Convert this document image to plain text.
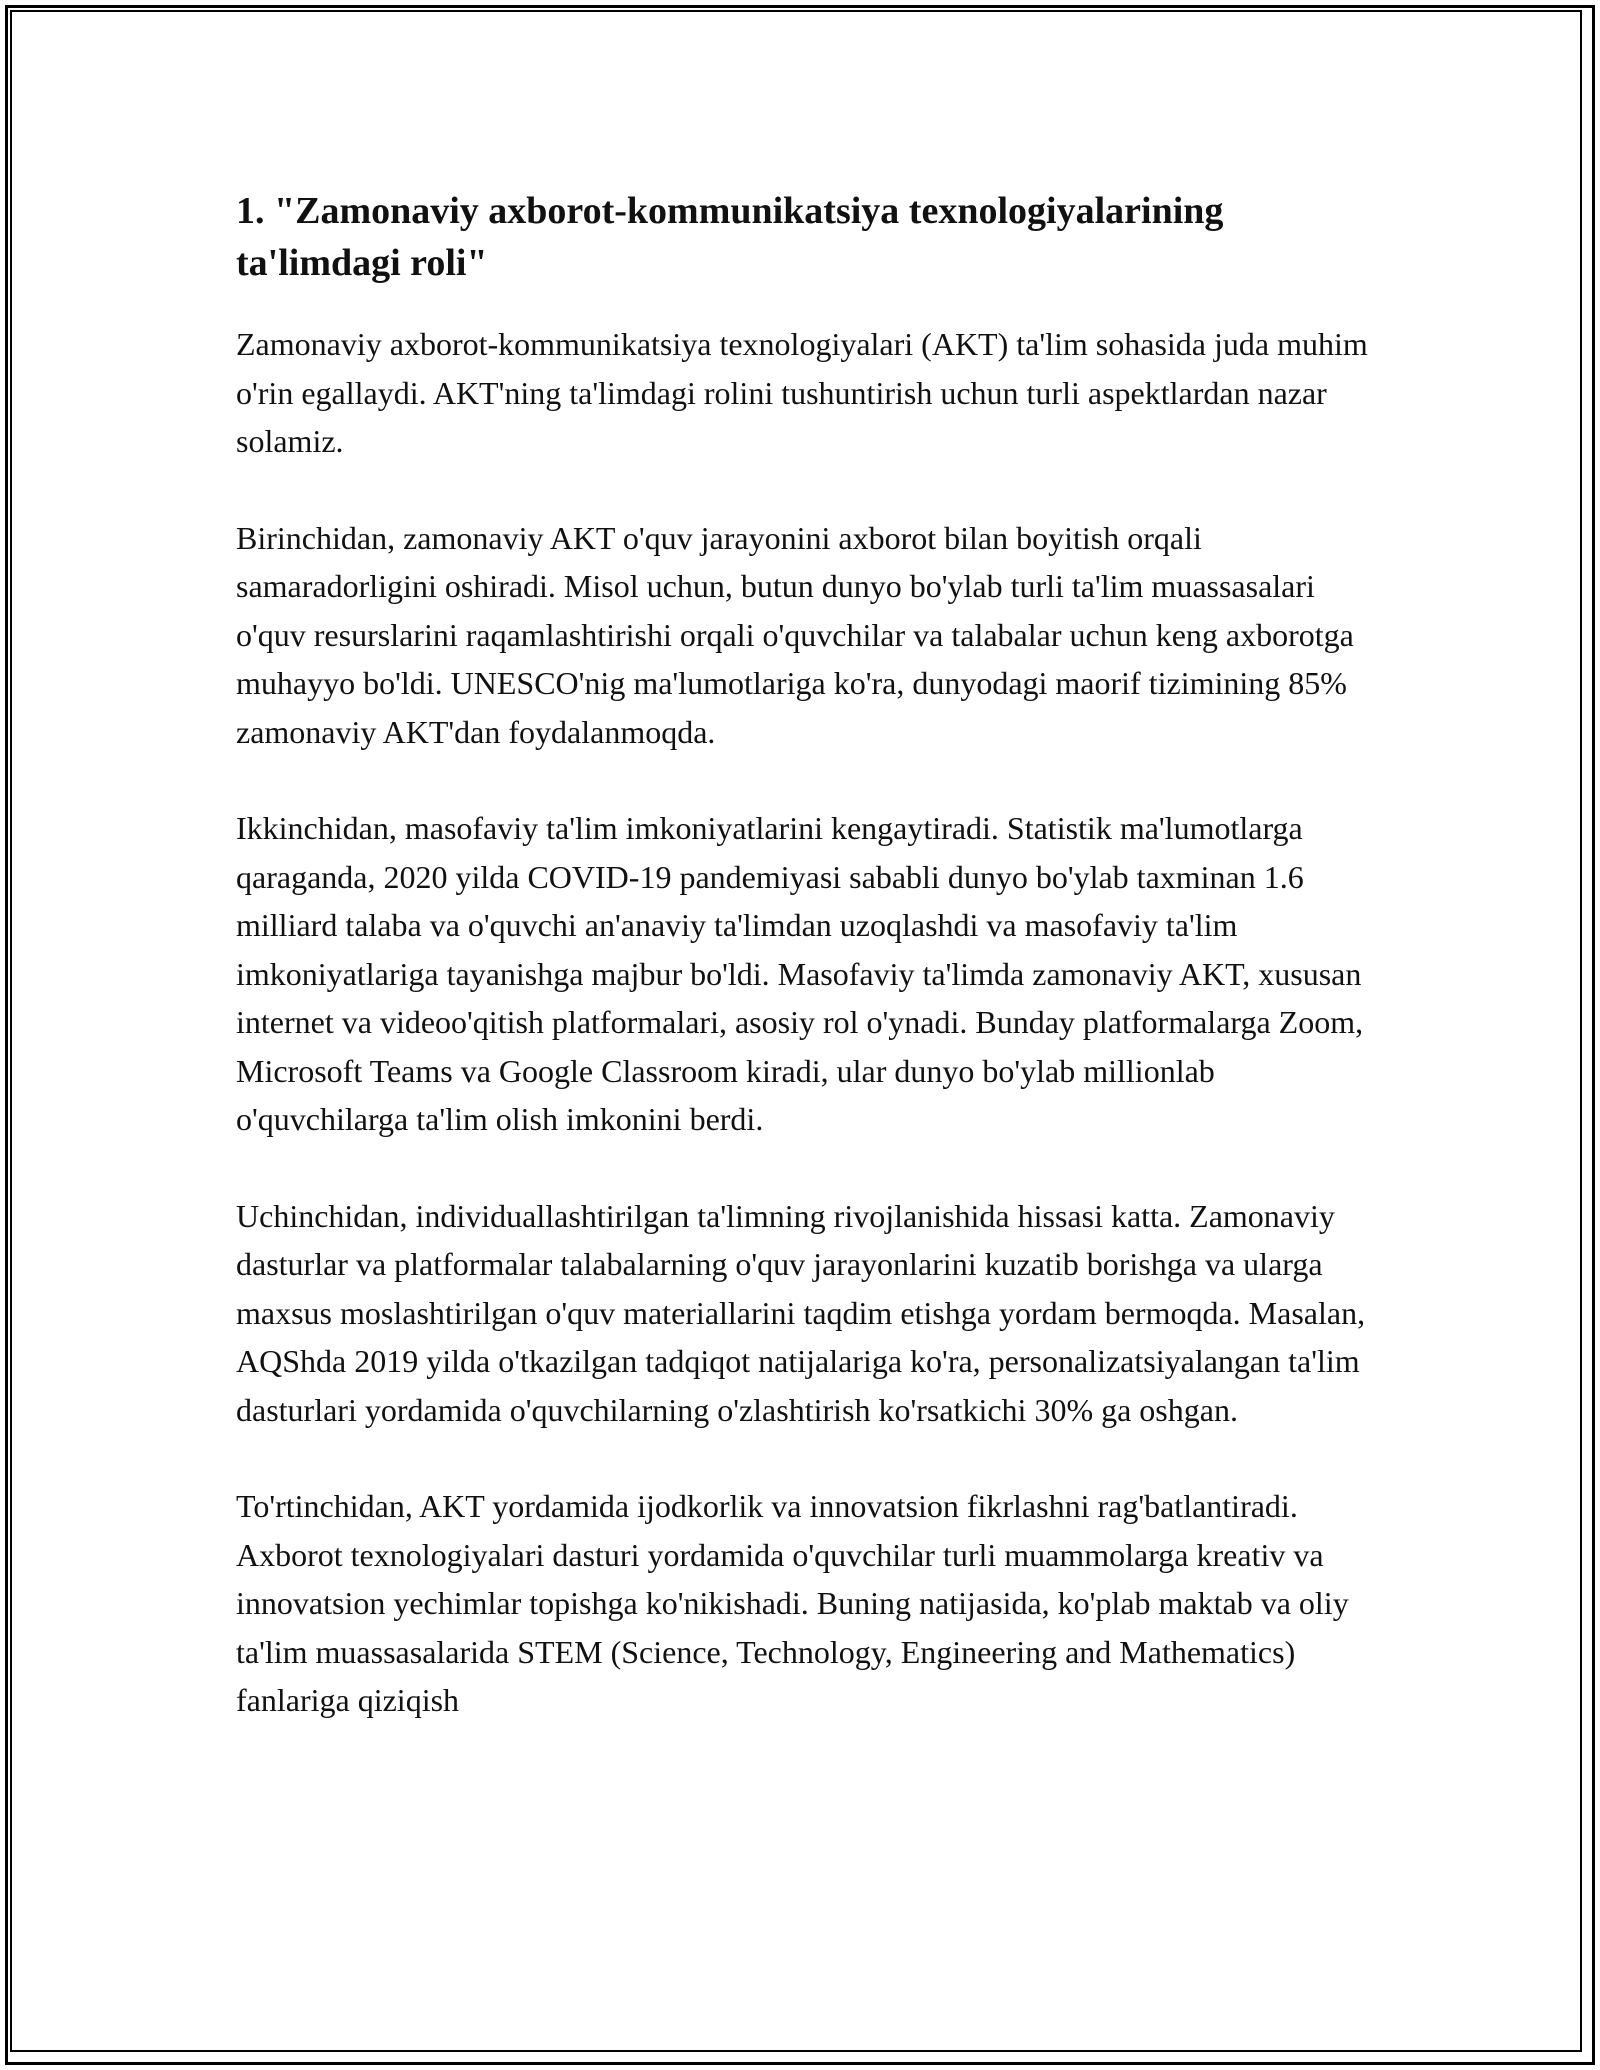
1. "Zamonaviy axborot-kommunikatsiya texnologiyalarining ta'limdagi roli"

Zamonaviy axborot-kommunikatsiya texnologiyalari (AKT) ta'lim sohasida juda muhim o'rin egallaydi. AKT'ning ta'limdagi rolini tushuntirish uchun turli aspektlardan nazar solamiz.

Birinchidan, zamonaviy AKT o'quv jarayonini axborot bilan boyitish orqali samaradorligini oshiradi. Misol uchun, butun dunyo bo'ylab turli ta'lim muassasalari o'quv resurslarini raqamlashtirishi orqali o'quvchilar va talabalar uchun keng axborotga muhayyo bo'ldi. UNESCO'nig ma'lumotlariga ko'ra, dunyodagi maorif tizimining 85% zamonaviy AKT'dan foydalanmoqda.

Ikkinchidan, masofaviy ta'lim imkoniyatlarini kengaytiradi. Statistik ma'lumotlarga qaraganda, 2020 yilda COVID-19 pandemiyasi sababli dunyo bo'ylab taxminan 1.6 milliard talaba va o'quvchi an'anaviy ta'limdan uzoqlashdi va masofaviy ta'lim imkoniyatlariga tayanishga majbur bo'ldi. Masofaviy ta'limda zamonaviy AKT, xususan internet va videoo'qitish platformalari, asosiy rol o'ynadi. Bunday platformalarga Zoom, Microsoft Teams va Google Classroom kiradi, ular dunyo bo'ylab millionlab o'quvchilarga ta'lim olish imkonini berdi.

Uchinchidan, individuallashtirilgan ta'limning rivojlanishida hissasi katta. Zamonaviy dasturlar va platformalar talabalarning o'quv jarayonlarini kuzatib borishga va ularga maxsus moslashtirilgan o'quv materiallarini taqdim etishga yordam bermoqda. Masalan, AQShda 2019 yilda o'tkazilgan tadqiqot natijalariga ko'ra, personalizatsiyalangan ta'lim dasturlari yordamida o'quvchilarning o'zlashtirish ko'rsatkichi 30% ga oshgan.

To'rtinchidan, AKT yordamida ijodkorlik va innovatsion fikrlashni rag'batlantiradi. Axborot texnologiyalari dasturi yordamida o'quvchilar turli muammolarga kreativ va innovatsion yechimlar topishga ko'nikishadi. Buning natijasida, ko'plab maktab va oliy ta'lim muassasalarida STEM (Science, Technology, Engineering and Mathematics) fanlariga qiziqish
